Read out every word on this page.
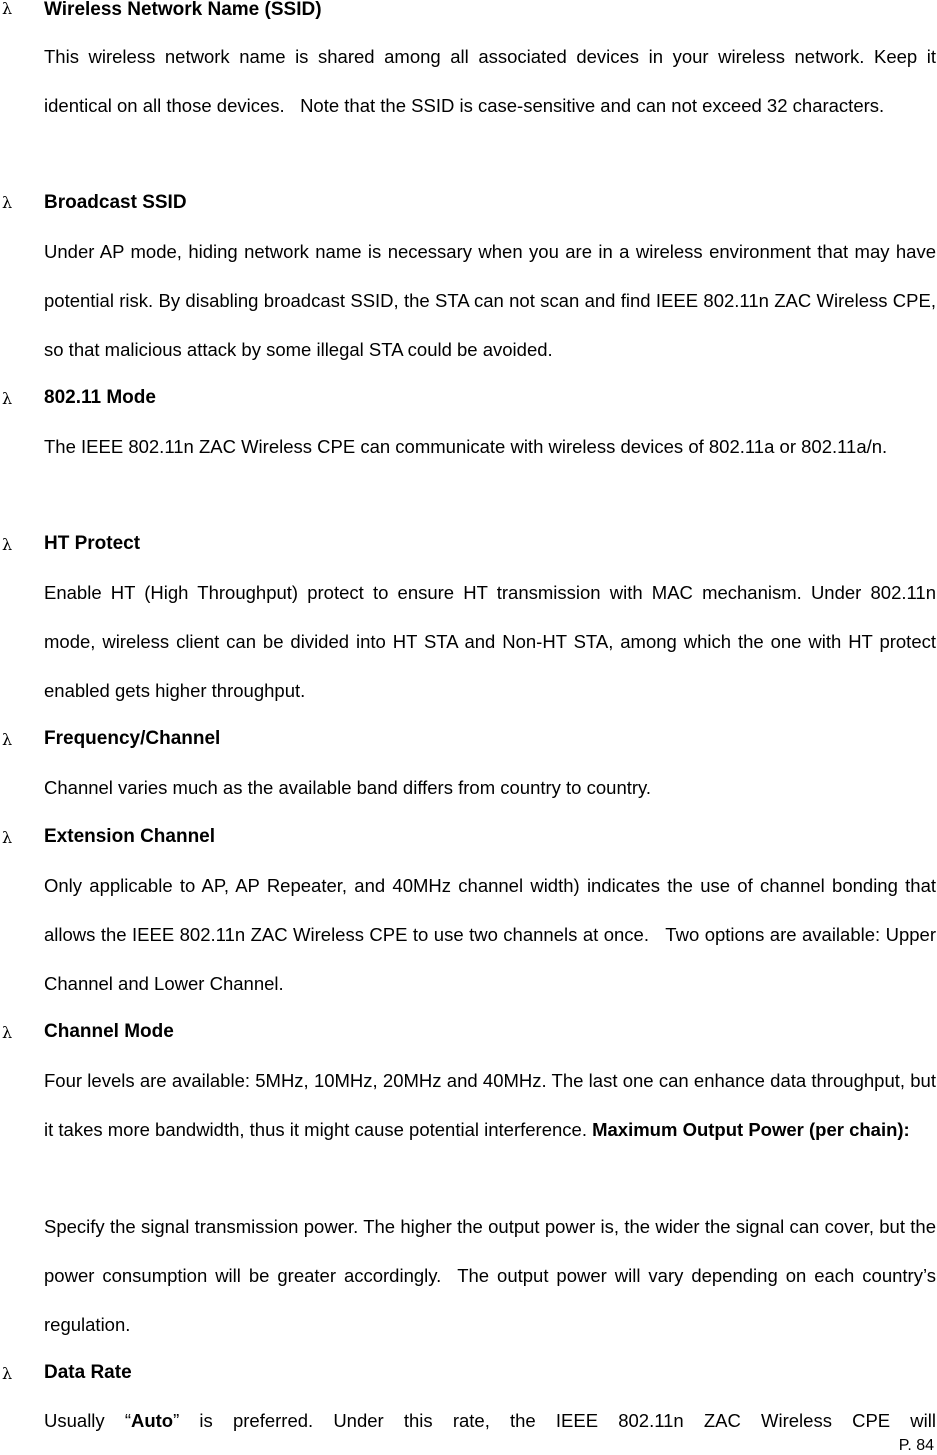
λ	Wireless Network Name (SSID)
This wireless network name is shared among all associated devices in your wireless network. Keep it identical on all those devices.   Note that the SSID is case-sensitive and can not exceed 32 characters.
λ	Broadcast SSID
Under AP mode, hiding network name is necessary when you are in a wireless environment that may have potential risk. By disabling broadcast SSID, the STA can not scan and find IEEE 802.11n ZAC Wireless CPE, so that malicious attack by some illegal STA could be avoided.
λ	802.11 Mode
The IEEE 802.11n ZAC Wireless CPE can communicate with wireless devices of 802.11a or 802.11a/n.
λ	HT Protect
Enable HT (High Throughput) protect to ensure HT transmission with MAC mechanism. Under 802.11n mode, wireless client can be divided into HT STA and Non-HT STA, among which the one with HT protect enabled gets higher throughput.
λ	Frequency/Channel
Channel varies much as the available band differs from country to country.
λ	Extension Channel
Only applicable to AP, AP Repeater, and 40MHz channel width) indicates the use of channel bonding that allows the IEEE 802.11n ZAC Wireless CPE to use two channels at once.   Two options are available: Upper Channel and Lower Channel.
λ	Channel Mode
Four levels are available: 5MHz, 10MHz, 20MHz and 40MHz. The last one can enhance data throughput, but it takes more bandwidth, thus it might cause potential interference. Maximum Output Power (per chain):
Specify the signal transmission power. The higher the output power is, the wider the signal can cover, but the power consumption will be greater accordingly.  The output power will vary depending on each country’s regulation.
λ	Data Rate
Usually “Auto” is preferred. Under this rate, the IEEE 802.11n ZAC Wireless CPE will
P. 84
